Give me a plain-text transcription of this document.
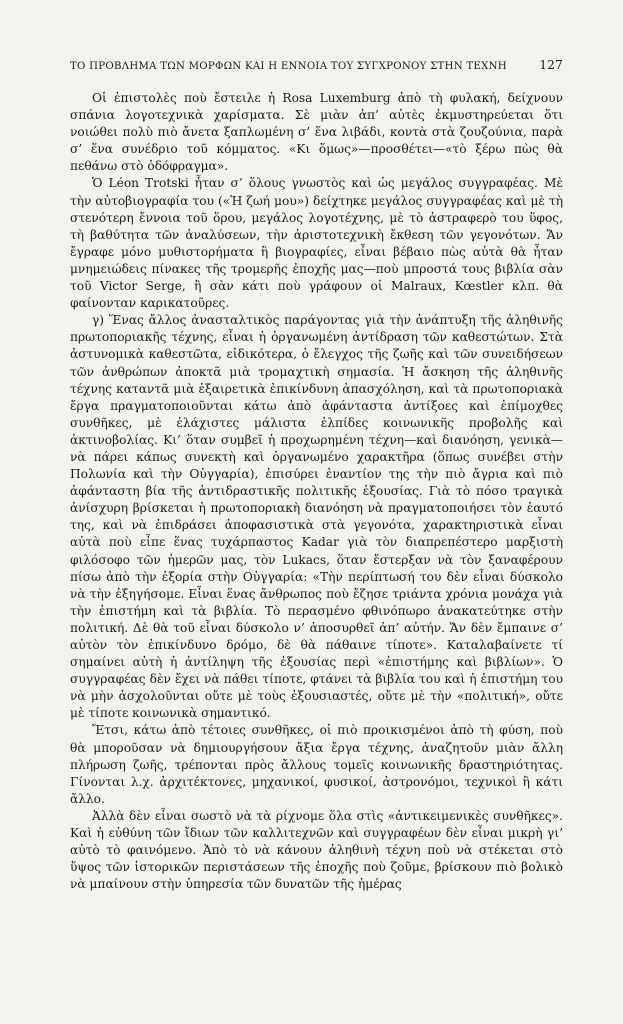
ΤΟ ΠΡΟΒΛΗΜΑ ΤΩΝ ΜΟΡΦΩΝ ΚΑΙ Η ΕΝΝΟΙΑ ΤΟΥ ΣΥΓΧΡΟΝΟΥ ΣΤΗΝ ΤΕΧΝΗ	127

Οἱ ἐπιστολὲς ποὺ ἔστειλε ἡ Rosa Luxemburg ἀπὸ τὴ φυλακή, δείχνουν σπάνια λογοτεχνικὰ χαρίσματα. Σὲ μιὰν ἀπ’ αὐτὲς ἐκμυστηρεύεται ὅτι νοιώθει πολὺ πιὸ ἄνετα ξαπλωμένη σ’ ἕνα λιβάδι, κοντὰ στὰ ζουζούνια, παρὰ σ’ ἕνα συνέδριο τοῦ κόμματος. «Κι ὅμως»—προσθέτει—«τὸ ξέρω πὼς θὰ πεθάνω στὸ ὁδόφραγμα».

Ὁ Léon Trotski ἦταν σ’ ὅλους γνωστὸς καὶ ὡς μεγάλος συγγραφέας. Μὲ τὴν αὐτοβιογραφία του («Ἡ ζωή μου») δείχτηκε μεγάλος συγγραφέας καὶ μὲ τὴ στενότερη ἔννοια τοῦ ὅρου, μεγάλος λογοτέχνης, μὲ τὸ ἀστραφερὸ του ὕφος, τὴ βαθύτητα τῶν ἀναλύσεων, τὴν ἀριστοτεχνικὴ ἔκθεση τῶν γεγονότων. Ἄν ἔγραφε μόνο μυθιστορήματα ἢ βιογραφίες, εἶναι βέβαιο πὼς αὐτὰ θὰ ἦταν μνημειώδεις πίνακες τῆς τρομερῆς ἐποχῆς μας—ποὺ μπροστά τους βιβλία σὰν τοῦ Victor Serge, ἢ σὰν κάτι ποὺ γράφουν οἱ Malraux, Kœstler κλπ. θὰ φαίνονταν καρικατοῦρες.

γ) Ἕνας ἄλλος ἀνασταλτικὸς παράγοντας γιὰ τὴν ἀνάπτυξη τῆς ἀληθινῆς πρωτοποριακῆς τέχνης, εἶναι ἡ ὀργανωμένη ἀντίδραση τῶν καθεστώτων. Στὰ ἀστυνομικὰ καθεστῶτα, εἰδικότερα, ὁ ἔλεγχος τῆς ζωῆς καὶ τῶν συνειδήσεων τῶν ἀνθρώπων ἀποκτᾶ μιὰ τρομαχτικὴ σημασία. Ἡ ἄσκηση τῆς ἀληθινῆς τέχνης καταντᾶ μιὰ ἐξαιρετικὰ ἐπικίνδυνη ἀπασχόληση, καὶ τὰ πρωτοποριακὰ ἔργα πραγματοποιοῦνται κάτω ἀπὸ ἀφάνταστα ἀντίξοες καὶ ἐπίμοχθες συνθῆκες, μὲ ἐλάχιστες μάλιστα ἐλπίδες κοινωνικῆς προβολῆς καὶ ἀκτινοβολίας. Κι’ ὅταν συμβεῖ ἡ προχωρημένη τέχνη—καὶ διανόηση, γενικὰ—νὰ πάρει κάπως συνεκτὴ καὶ ὀργανωμένο χαρακτῆρα (ὅπως συνέβει στὴν Πολωνία καὶ τὴν Οὑγγαρία), ἐπισύρει ἐναντίον της τὴν πιὸ ἄγρια καὶ πιὸ ἀφάνταστη βία τῆς ἀντιδραστικῆς πολιτικῆς ἐξουσίας. Γιὰ τὸ πόσο τραγικὰ ἀνίσχυρη βρίσκεται ἡ πρωτοποριακὴ διανόηση νὰ πραγματοποιήσει τὸν ἑαυτό της, καὶ νὰ ἐπιδράσει ἀποφασιστικὰ στὰ γεγονότα, χαρακτηριστικὰ εἶναι αὐτὰ ποὺ εἶπε ἕνας τυχάρπαστος Kadar γιὰ τὸν διαπρεπέστερο μαρξιστὴ φιλόσοφο τῶν ἡμερῶν μας, τὸν Lukacs, ὅταν ἔστερξαν νὰ τὸν ξαναφέρουν πίσω ἀπὸ τὴν ἐξορία στὴν Οὑγγαρία: «Τὴν περίπτωσή του δὲν εἶναι δύσκολο νὰ τὴν ἐξηγήσομε. Εἶναι ἕνας ἄνθρωπος ποὺ ἔζησε τριάντα χρόνια μονάχα γιὰ τὴν ἐπιστήμη καὶ τὰ βιβλία. Τὸ περασμένο φθινόπωρο ἀνακατεύτηκε στὴν πολιτική. Δὲ θὰ τοῦ εἶναι δύσκολο ν’ ἀποσυρθεῖ ἀπ’ αὐτήν. Ἄν δὲν ἔμπαινε σ’ αὐτὸν τὸν ἐπικίνδυνο δρόμο, δὲ θὰ πάθαινε τίποτε». Καταλαβαίνετε τί σημαίνει αὐτὴ ἡ ἀντίληψη τῆς ἐξουσίας περὶ «ἐπιστήμης καὶ βιβλίων». Ὁ συγγραφέας δὲν ἔχει νὰ πάθει τίποτε, φτάνει τὰ βιβλία του καὶ ἡ ἐπιστήμη του νὰ μὴν ἀσχολοῦνται οὔτε μὲ τοὺς ἐξουσιαστές, οὔτε μὲ τὴν «πολιτική», οὔτε μὲ τίποτε κοινωνικὰ σημαντικό.

Ἔτσι, κάτω ἀπὸ τέτοιες συνθῆκες, οἱ πιὸ προικισμένοι ἀπὸ τὴ φύση, ποὺ θὰ μποροῦσαν νὰ δημιουργήσουν ἄξια ἔργα τέχνης, ἀναζητοῦν μιὰν ἄλλη πλήρωση ζωῆς, τρέπονται πρὸς ἄλλους τομεῖς κοινωνικῆς δραστηριότητας. Γίνονται λ.χ. ἀρχιτέκτονες, μηχανικοί, φυσικοί, ἀστρονόμοι, τεχνικοὶ ἢ κάτι ἄλλο.

Ἀλλὰ δὲν εἶναι σωστὸ νὰ τὰ ρίχνομε ὅλα στὶς «ἀντικειμενικὲς συνθῆκες». Καὶ ἡ εὐθύνη τῶν ἴδιων τῶν καλλιτεχνῶν καὶ συγγραφέων δὲν εἶναι μικρὴ γι’ αὐτὸ τὸ φαινόμενο. Ἀπὸ τὸ νὰ κάνουν ἀληθινὴ τέχνη ποὺ νὰ στέκεται στὸ ὕψος τῶν ἱστορικῶν περιστάσεων τῆς ἐποχῆς ποὺ ζοῦμε, βρίσκουν πιὸ βολικὸ νὰ μπαίνουν στὴν ὑπηρεσία τῶν δυνατῶν τῆς ἡμέρας
